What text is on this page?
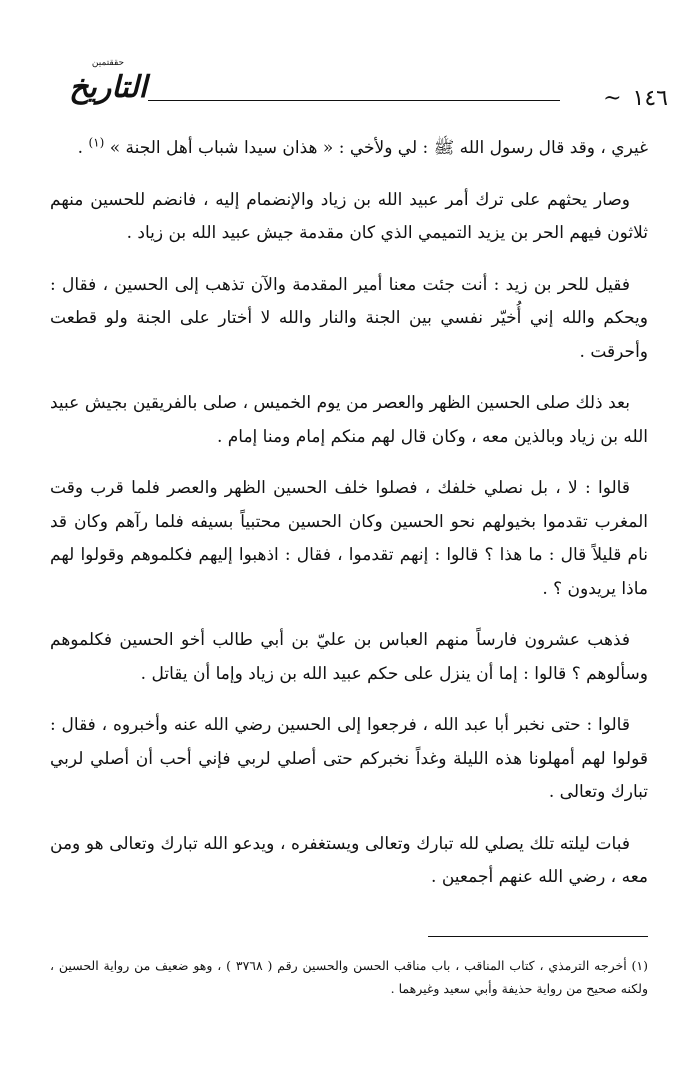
حققتمين
التاريخ	١٤٦ ~

غيري ، وقد قال رسول الله ﷺ : لي ولأخي : « هذان سيدا شباب أهل الجنة » $^{(١)}$ .

وصار يحثهم على ترك أمر عبيد الله بن زياد والإنضمام إليه ، فانضم للحسين منهم ثلاثون فيهم الحر بن يزيد التميمي الذي كان مقدمة جيش عبيد الله بن زياد .

فقيل للحر بن زيد : أنت جئت معنا أمير المقدمة والآن تذهب إلى الحسين ، فقال : ويحكم والله إني أُخيّر نفسي بين الجنة والنار والله لا أختار على الجنة ولو قطعت وأحرقت .

بعد ذلك صلى الحسين الظهر والعصر من يوم الخميس ، صلى بالفريقين بجيش عبيد الله بن زياد وبالذين معه ، وكان قال لهم منكم إمام ومنا إمام .

قالوا : لا ، بل نصلي خلفك ، فصلوا خلف الحسين الظهر والعصر فلما قرب وقت المغرب تقدموا بخيولهم نحو الحسين وكان الحسين محتبياً بسيفه فلما رآهم وكان قد نام قليلاً قال : ما هذا ؟ قالوا : إنهم تقدموا ، فقال : اذهبوا إليهم فكلموهم وقولوا لهم ماذا يريدون ؟ .

فذهب عشرون فارساً منهم العباس بن عليّ بن أبي طالب أخو الحسين فكلموهم وسألوهم ؟ قالوا : إما أن ينزل على حكم عبيد الله بن زياد وإما أن يقاتل .

قالوا : حتى نخبر أبا عبد الله ، فرجعوا إلى الحسين رضي الله عنه وأخبروه ، فقال : قولوا لهم أمهلونا هذه الليلة وغداً نخبركم حتى أصلي لربي فإني أحب أن أصلي لربي تبارك وتعالى .

فبات ليلته تلك يصلي لله تبارك وتعالى ويستغفره ، ويدعو الله تبارك وتعالى هو ومن معه ، رضي الله عنهم أجمعين .

(١) أخرجه الترمذي ، كتاب المناقب ، باب مناقب الحسن والحسين رقم ( ٣٧٦٨ ) ، وهو ضعيف من رواية الحسين ، ولكنه صحيح من رواية حذيفة وأبي سعيد وغيرهما .
